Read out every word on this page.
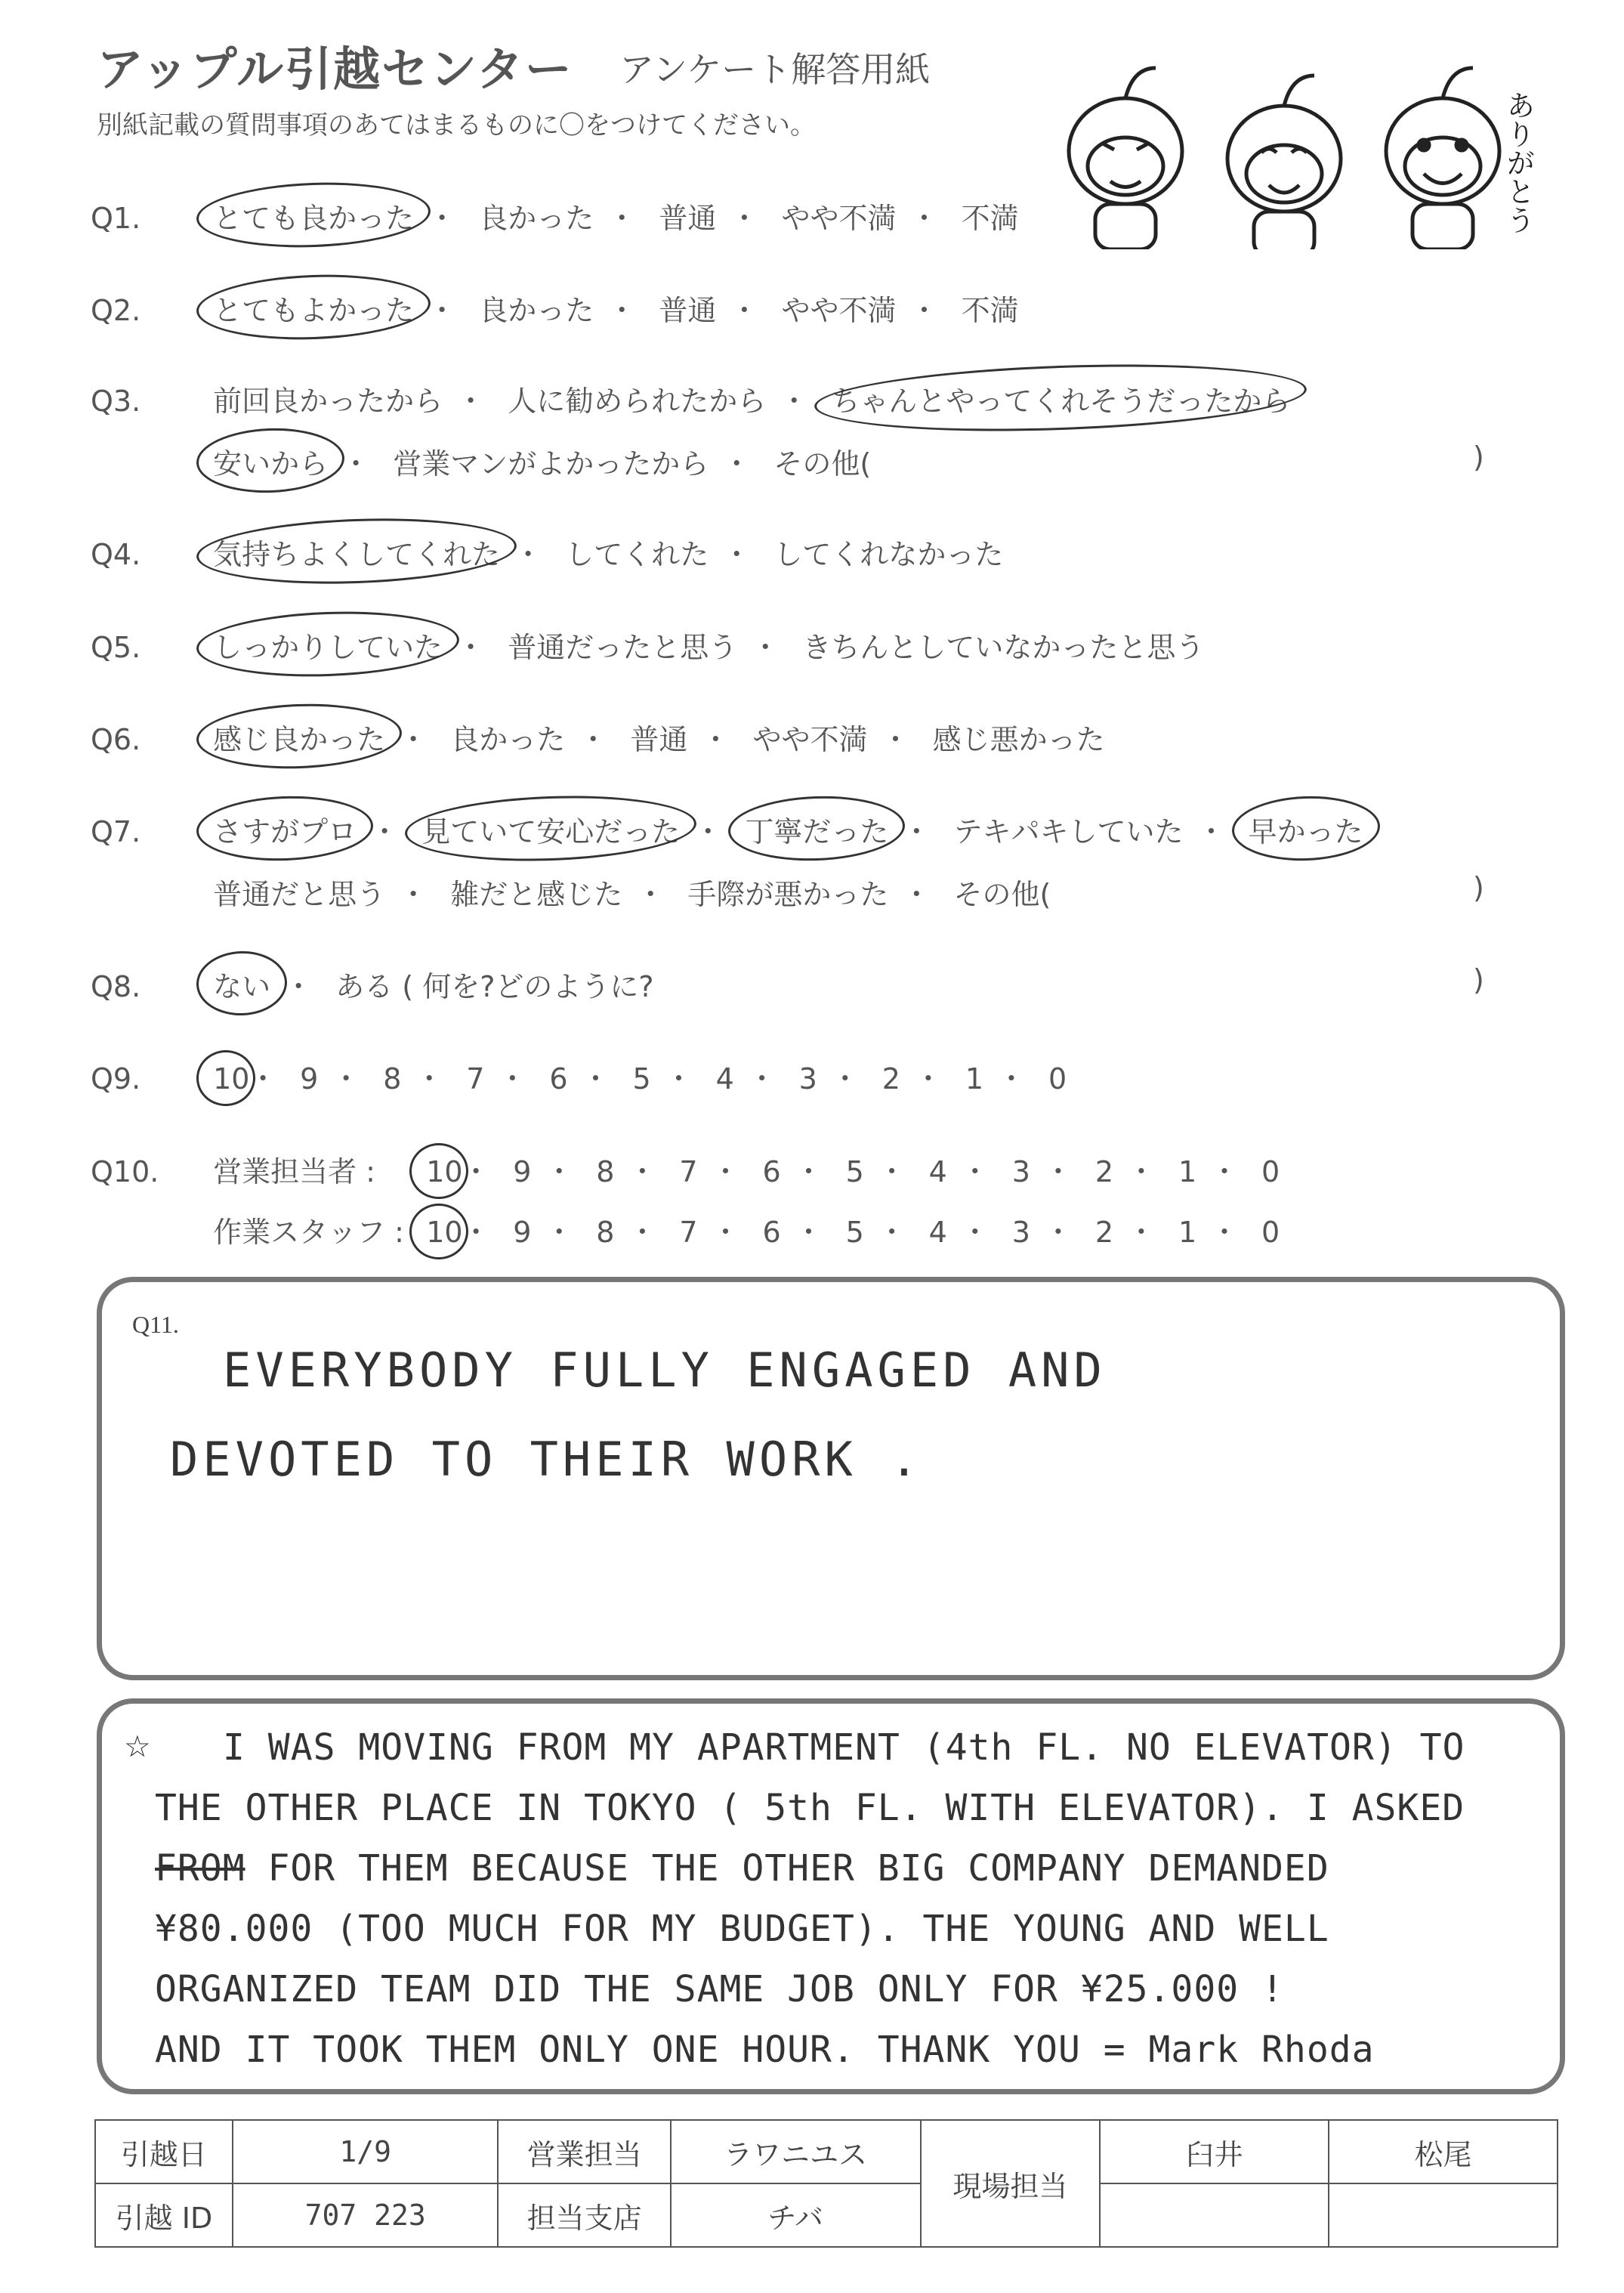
アップル引越センター アンケート解答用紙
別紙記載の質問事項のあてはまるものに〇をつけてください。	ありがとう
Q1.	とても良かった ・ 良かった ・ 普通 ・ やや不満 ・ 不満
Q2.	とてもよかった ・ 良かった ・ 普通 ・ やや不満 ・ 不満
Q3.	前回良かったから ・ 人に勧められたから ・ ちゃんとやってくれそうだったから
安いから ・ 営業マンがよかったから ・ その他(	)
Q4.	気持ちよくしてくれた ・ してくれた ・ してくれなかった
Q5.	しっかりしていた ・ 普通だったと思う ・ きちんとしていなかったと思う
Q6.	感じ良かった ・ 良かった ・ 普通 ・ やや不満 ・ 感じ悪かった
Q7.	さすがプロ ・ 見ていて安心だった ・ 丁寧だった ・ テキパキしていた ・ 早かった
普通だと思う ・ 雑だと感じた ・ 手際が悪かった ・ その他(	)
Q8.	ない ・ ある ( 何を?どのように?	)
Q9.	10・ 9 ・ 8 ・ 7 ・ 6 ・ 5 ・ 4 ・ 3 ・ 2 ・ 1 ・ 0
Q10. 営業担当者 : 10・ 9 ・ 8 ・ 7 ・ 6 ・ 5 ・ 4 ・ 3 ・ 2 ・ 1 ・ 0
作業スタッフ : 10・ 9 ・ 8 ・ 7 ・ 6 ・ 5 ・ 4 ・ 3 ・ 2 ・ 1 ・ 0
Q11.
EVERYBODY FULLY ENGAGED AND
DEVOTED TO THEIR WORK .
☆ I WAS MOVING FROM MY APARTMENT (4th FL. NO ELEVATOR) TO
THE OTHER PLACE IN TOKYO ( 5th FL. WITH ELEVATOR). I ASKED
FROM FOR THEM BECAUSE THE OTHER BIG COMPANY DEMANDED
¥80.000 (TOO MUCH FOR MY BUDGET). THE YOUNG AND WELL
ORGANIZED TEAM DID THE SAME JOB ONLY FOR ¥25.000 !
AND IT TOOK THEM ONLY ONE HOUR. THANK YOU = Mark Rhoda
引越日	1/9	営業担当	ラワニユス	現場担当	臼井	松尾
引越 ID	707 223	担当支店	チバ			
